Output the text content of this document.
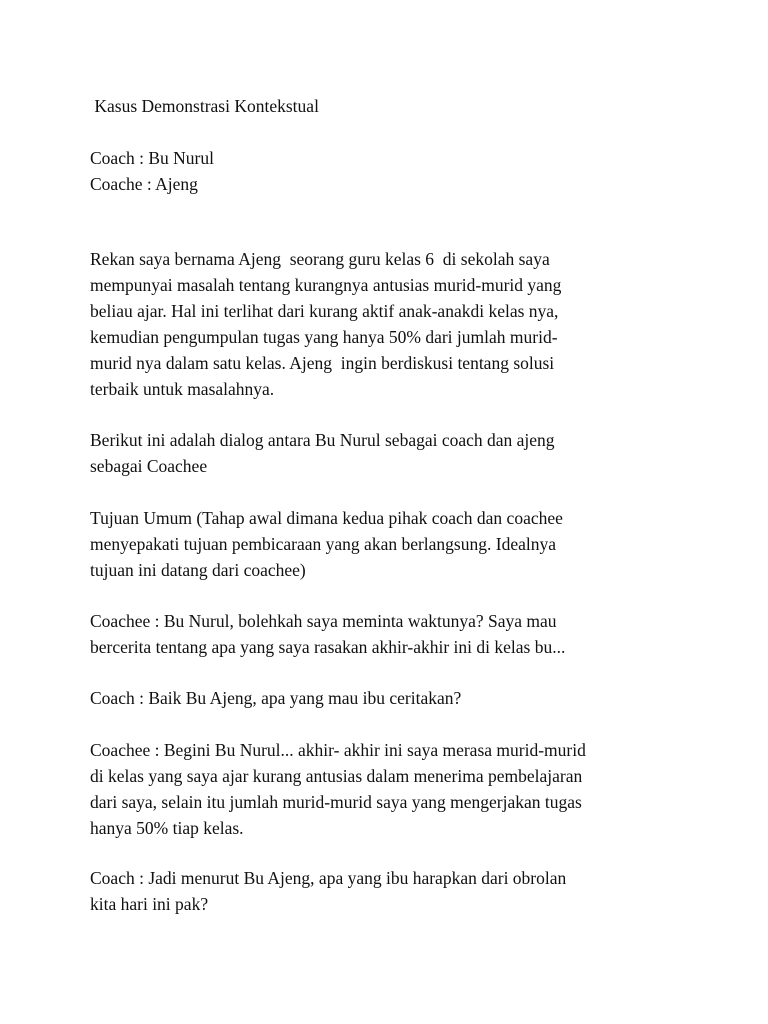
Kasus Demonstrasi Kontekstual

Coach : Bu Nurul

Coache : Ajeng

Rekan saya bernama Ajeng  seorang guru kelas 6  di sekolah saya
mempunyai masalah tentang kurangnya antusias murid-murid yang
beliau ajar. Hal ini terlihat dari kurang aktif anak-anakdi kelas nya,
kemudian pengumpulan tugas yang hanya 50% dari jumlah murid-
murid nya dalam satu kelas. Ajeng  ingin berdiskusi tentang solusi
terbaik untuk masalahnya.

Berikut ini adalah dialog antara Bu Nurul sebagai coach dan ajeng
sebagai Coachee

Tujuan Umum (Tahap awal dimana kedua pihak coach dan coachee
menyepakati tujuan pembicaraan yang akan berlangsung. Idealnya
tujuan ini datang dari coachee)

Coachee : Bu Nurul, bolehkah saya meminta waktunya? Saya mau
bercerita tentang apa yang saya rasakan akhir-akhir ini di kelas bu...

Coach : Baik Bu Ajeng, apa yang mau ibu ceritakan?

Coachee : Begini Bu Nurul... akhir- akhir ini saya merasa murid-murid
di kelas yang saya ajar kurang antusias dalam menerima pembelajaran
dari saya, selain itu jumlah murid-murid saya yang mengerjakan tugas
hanya 50% tiap kelas.

Coach : Jadi menurut Bu Ajeng, apa yang ibu harapkan dari obrolan
kita hari ini pak?
